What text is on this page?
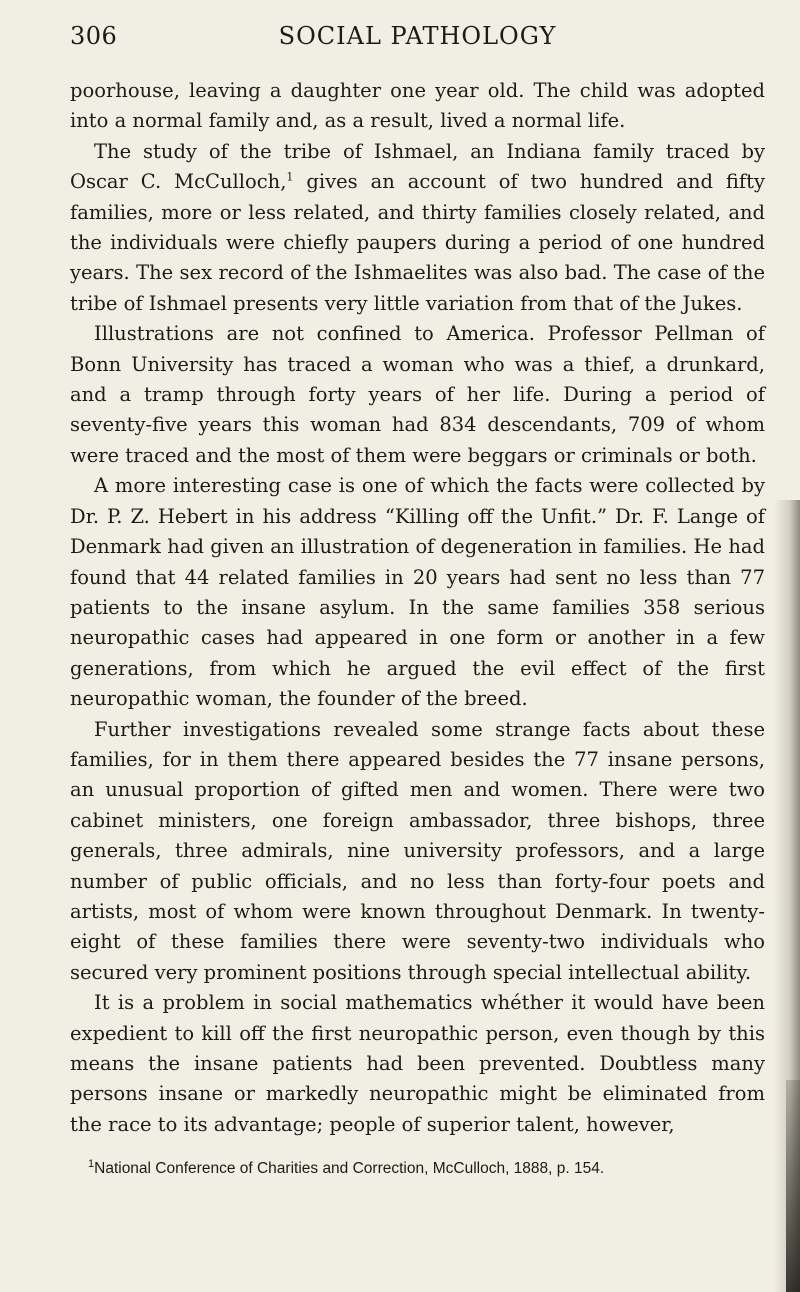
306	SOCIAL PATHOLOGY

poorhouse, leaving a daughter one year old. The child was adopted into a normal family and, as a result, lived a normal life.

The study of the tribe of Ishmael, an Indiana family traced by Oscar C. McCulloch,$^1$ gives an account of two hundred and fifty families, more or less related, and thirty families closely related, and the individuals were chiefly paupers during a period of one hundred years. The sex record of the Ishmaelites was also bad. The case of the tribe of Ishmael presents very little variation from that of the Jukes.

Illustrations are not confined to America. Professor Pellman of Bonn University has traced a woman who was a thief, a drunkard, and a tramp through forty years of her life. During a period of seventy-five years this woman had 834 descendants, 709 of whom were traced and the most of them were beggars or criminals or both.

A more interesting case is one of which the facts were collected by Dr. P. Z. Hebert in his address “Killing off the Unfit.” Dr. F. Lange of Denmark had given an illustration of degeneration in families. He had found that 44 related families in 20 years had sent no less than 77 patients to the insane asylum. In the same families 358 serious neuropathic cases had appeared in one form or another in a few generations, from which he argued the evil effect of the first neuropathic woman, the founder of the breed.

Further investigations revealed some strange facts about these families, for in them there appeared besides the 77 insane persons, an unusual proportion of gifted men and women. There were two cabinet ministers, one foreign ambassador, three bishops, three generals, three admirals, nine university professors, and a large number of public officials, and no less than forty-four poets and artists, most of whom were known throughout Denmark. In twenty-eight of these families there were seventy-two individuals who secured very prominent positions through special intellectual ability.

It is a problem in social mathematics whéther it would have been expedient to kill off the first neuropathic person, even though by this means the insane patients had been prevented. Doubtless many persons insane or markedly neuropathic might be eliminated from the race to its advantage; people of superior talent, however,

$^1$National Conference of Charities and Correction, McCulloch, 1888, p. 154.
